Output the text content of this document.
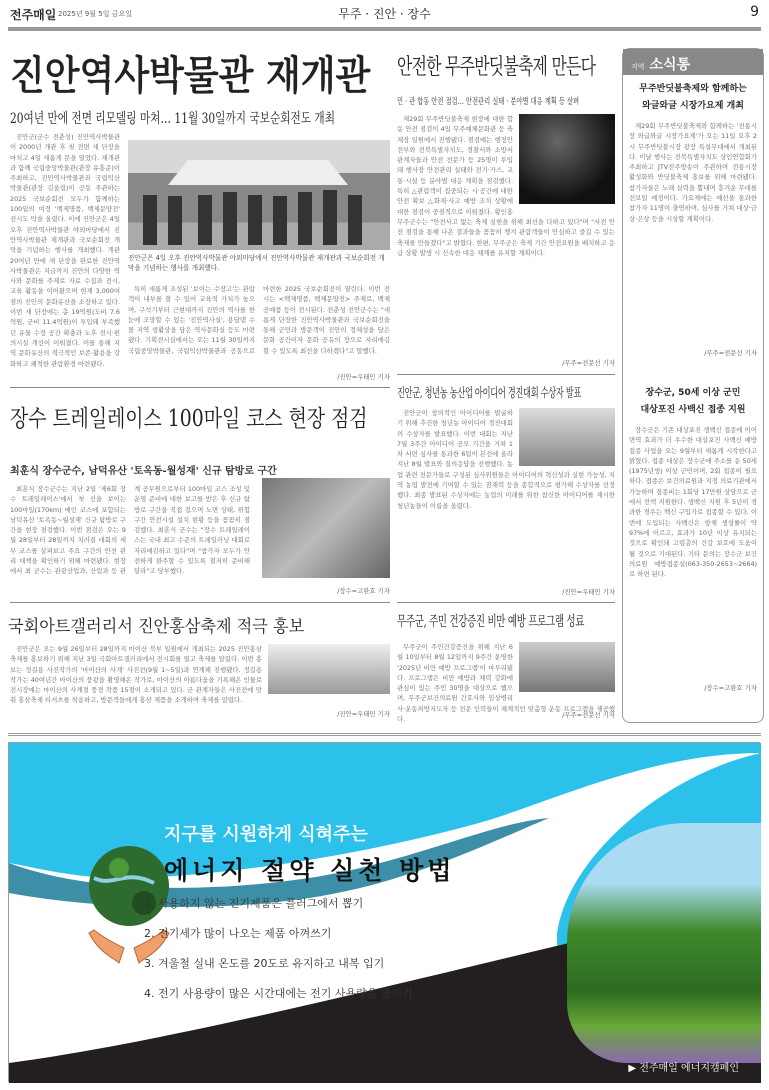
전주매일 2025년 9월 5일 금요일	무주 · 진안 · 장수	9
진안역사박물관 재개관
20여년 만에 전면 리모델링 마쳐… 11월 30일까지 국보순회전도 개최
진안군(군수 전춘성) 진안역사박물관이 2000년 개관 후 첫 전면 새 단장을 마치고 4일 새롭게 문을 열었다. 재개관과 함께 국립중앙박물관(관장 유홍준)이 주최하고, 진안역사박물관과 국립익산박물관(관장 김울림)이 공동 주관하는 2025 국보순회전 모두가 함께하는 100일의 여정 '백제명품, 백제문양전' 전시도 막을 올렸다. 이에 진안군은 4일 오후 진안역사박물관 야외마당에서 진안역사박물관 재개관과 국보순회전 개막을 기념하는 행사를 개최했다. 개관 20여년 만에 새 단장을 완료한 진안역사박물관은 지금까지 진안의 다양한 역사와 문화를 주제로 자료 수집과 전시, 교육 활동을 이어왔으며 현재 3,000여점의 진안의 문화유산을 소장하고 있다. 이번 새 단장에는 총 19억원(도비 7.6억원, 군비 11.4억원)이 투입돼 부족했던 유물 수장 공간 확충과 노후 전시·편의시설 개선이 이뤄졌다. 이를 통해 지역 문화유산의 적극적인 보존·활용을 강화하고 쾌적한 관람환경 마련됐다.
진안군은 4일 오후 진안역사박물관 야외마당에서 진안역사박물관 재개관과 국보순회전 개막을 기념하는 행사를 개최했다.
특히 새롭게 조성된 '보이는 수장고'는 관람객이 내부를 볼 수 있어 교육적 가치가 높으며, 구석기부터 근현대까지 진안의 역사를 한눈에 조망할 수 있는 '진안역사실', 용담댐 수몰 지역 생활상을 담은 역사문화실 등도 마련됐다. 기획전시실에서는 오는 11월 30일까지 국립중앙박물관, 국립익산박물관과 공동으로 마련한 2025 국보순회전이 열린다. 이번 전시는 <백제명품, 백제문양전> 주제로, 백제 공예품 등이 전시된다. 전춘성 진안군수는 "새롭게 단장한 진안역사박물관과 국보순회전을 통해 군민과 방문객이 진안의 정체성을 담은 문화 공간이자 문화 공유의 장으로 자리매김할 수 있도록 최선을 다하겠다"고 말했다.
/진안=우태민 기자
장수 트레일레이스 100마일 코스 현장 점검
최훈식 장수군수, 남덕유산 '토옥동-월성재' 신규 탐방로 구간
최훈식 장수군수는 지난 2일 '제6회 장수 트레일레이스'에서 첫 선을 보이는 100마일(170km) 메인 코스에 포함되는 남덕유산 '토옥동~월성재' 신규 탐방로 구간을 현장 점검했다. 이번 점검은 오는 9월 28일부터 28일까지 치러질 대회의 세부 코스를 살펴보고 주요 구간의 안전 관리 대책을 확인하기 위해 마련됐다. 현장에서 최 군수는 관광산업과, 산림과 등 관계 공무원으로부터 100마일 코스 조성 및 운영 준비에 대한 보고를 받은 후 신규 탐방로 구간을 직접 걸으며 노면 상태, 위험구간 안전시설 설치 현황 등을 꼼꼼히 점검했다. 최훈식 군수는 "장수 트레일레이스는 국내 최고 수준의 트레일러닝 대회로 자리매김하고 있다"며 "참가자 모두가 안전하게 완주할 수 있도록 철저히 준비해 달라"고 당부했다.
/장수=고완호 기자
국회아트갤러리서 진안홍삼축제 적극 홍보
진안군은 오는 9월 26일부터 28일까지 마이산 북부 일원에서 개최되는 2025 진안홍삼축제를 홍보하기 위해 지난 3일 국회아트갤러리에서 전시회를 열고 축제를 알렸다. 이번 홍보는 정길용 사진작가의 '마이산의 사계' 사진전(9월 1~5일)과 연계해 진행됐다. 정길용 작가는 40여년간 마이산의 풍광을 촬영해온 작가로, 마이산의 아름다움을 기록해온 인물로 전시장에는 마이산의 사계절 풍경 작품 15점이 소개되고 있다. 군 관계자들은 사진전에 맞춰 홍삼축제 티셔츠를 착용하고, 방문객들에게 홍삼 제품을 소개하며 축제를 알렸다.
/진안=우태민 기자
안전한 무주반딧불축제 만든다
민 · 관 합동 안전 점검… 안전관리 실태 · 분야별 대응 계획 등 살펴
제29회 무주반딧불축제 현장에 대한 합동 안전 점검이 4일 무주예체문화관 등 축제장 일원에서 진행됐다. 점검에는 행정안전부와 전북특별자치도, 경찰서와 소방서 관계자들과 안전 전문가 등 25명이 투입돼 행사장 안전관리 실태와 전기·가스, 교통·시설 등 분야별 대응 계획을 점검했다. 특히 △관람객이 집중되는 시·공간에 대한 안전 확보 △화재·사고 예방 조치 상황에 대한 점검이 중점적으로 이뤄졌다. 황인홍 무주군수는 "안전사고 없는 축제 실현을 위해 최선을 다하고 있다"며 "사전 안전 점검을 통해 나온 결과들을 꼼꼼히 챙겨 관람객들이 안심하고 즐길 수 있는 축제를 만들겠다"고 밝혔다. 한편, 무주군은 축제 기간 안전요원을 배치하고 응급 상황 발생 시 신속한 대응 체계를 유지할 계획이다.
/무주=전문선 기자
진안군, 청년농 농산업 아이디어 경진대회 수상자 발표
진안군이 창의적인 아이디어를 발굴하기 위해 추진한 청년농 아이디어 경진대회의 수상자를 발표했다. 이번 대회는 지난 7월 3주간 아이디어 공모 기간을 거쳐 1차 서면 심사를 통과한 6팀이 본선에 올라 지난 8월 발표와 질의응답을 진행했다. 농업 관련 전문가들로 구성된 심사위원들은 아이디어의 혁신성과 실현 가능성, 지역 농업 발전에 기여할 수 있는 잠재력 등을 종합적으로 평가해 수상자를 선정했다. 최종 발표된 수상자에는 농업의 미래를 위한 참신한 아이디어를 제시한 청년농들이 이름을 올렸다.
/진안=우태민 기자
무주군, 주민 건강증진 비만 예방 프로그램 성료
무주군이 주민건강증진을 위해 지난 6월 10일부터 8월 12일까지 9주간 운영한 '2025년 비만 예방 프로그램'이 마무리됐다. 프로그램은 비만 예방과 체력 강화에 관심이 있는 주민 30명을 대상으로 했으며, 무주군보건의료원 간호사와 임상병리사·운동처방지도자 등 전문 인력들이 체계적인 맞춤형 운동 프로그램을 제공했다.
/무주=전문선 기자
지역 소식통
무주반딧불축제와 함께하는
와글와글 시장가요제 개최
제29회 무주반딧불축제와 함께하는 '전통시장 와글와글 시장가요제'가 오는 11일 오후 2시 무주반딧불시장 광장 특설무대에서 개최된다. 이날 행사는 전북특별자치도 상인연합회가 주최하고 JTV전주방송이 주관하며 전통시장 활성화와 반딧불축제 홍보를 위해 마련됐다. 참가자들은 노래 실력을 뽐내며 흥겨운 무대를 선보일 예정이다. 가요제에는 예선을 통과한 참가자 11명이 출연하며, 심사를 거쳐 대상·금상·은상 등을 시상할 계획이다.
/무주=전문선 기자
장수군, 50세 이상 군민
대상포진 사백신 접종 지원
장수군은 기존 대상포진 생백신 접종에 이어 면역 효과가 더 우수한 대상포진 사백신 예방접종 사업을 오는 9월부터 새롭게 시작한다고 밝혔다. 접종 대상은 장수군에 주소를 둔 50세(1975년생) 이상 군민이며, 2회 접종이 필요하다. 접종은 보건의료원과 지정 의료기관에서 가능하며 접종비는 1회당 17만원 상당으로 군에서 전액 지원한다. 생백신 지원 후 5년이 경과한 경우는 백신 구입가로 접종할 수 있다. 이번에 도입되는 사백신은 항체 생성률이 약 97%에 이르고, 효과가 10년 이상 유지되는 것으로 확인돼 고령층의 건강 보호에 도움이 될 것으로 기대된다. 기타 문의는 장수군 보건의료원 예방접종실(063-350-2653~2664)로 하면 된다.
/장수=고완호 기자
지구를 시원하게 식혀주는
에너지 절약 실천 방법
1. 사용하지 않는 전기제품은 플러그에서 뽑기
2. 전기세가 많이 나오는 제품 아껴쓰기
3. 겨울철 실내 온도를 20도로 유지하고 내복 입기
4. 전기 사용량이 많은 시간대에는 전기 사용량을 줄이기
▶ 전주매일 에너지캠페인
